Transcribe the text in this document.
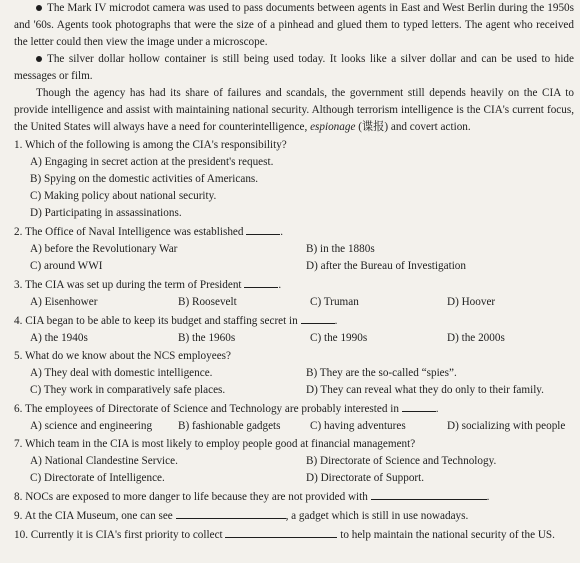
The Mark IV microdot camera was used to pass documents between agents in East and West Berlin during the 1950s and '60s. Agents took photographs that were the size of a pinhead and glued them to typed letters. The agent who received the letter could then view the image under a microscope.

The silver dollar hollow container is still being used today. It looks like a silver dollar and can be used to hide messages or film.

Though the agency has had its share of failures and scandals, the government still depends heavily on the CIA to provide intelligence and assist with maintaining national security. Although terrorism intelligence is the CIA's current focus, the United States will always have a need for counterintelligence, espionage (谍报) and covert action.

1. Which of the following is among the CIA's responsibility?

A) Engaging in secret action at the president's request.
B) Spying on the domestic activities of Americans.
C) Making policy about national security.
D) Participating in assassinations.

2. The Office of Naval Intelligence was established	.

A) before the Revolutionary War	B) in the 1880s
C) around WWI	D) after the Bureau of Investigation

3. The CIA was set up during the term of President	.

A) Eisenhower	B) Roosevelt	C) Truman	D) Hoover

4. CIA began to be able to keep its budget and staffing secret in	.

A) the 1940s	B) the 1960s	C) the 1990s	D) the 2000s

5. What do we know about the NCS employees?

A) They deal with domestic intelligence.	B) They are the so-called “spies”.
C) They work in comparatively safe places.	D) They can reveal what they do only to their family.

6. The employees of Directorate of Science and Technology are probably interested in	.

A) science and engineering	B) fashionable gadgets	C) having adventures	D) socializing with people

7. Which team in the CIA is most likely to employ people good at financial management?

A) National Clandestine Service.	B) Directorate of Science and Technology.
C) Directorate of Intelligence.	D) Directorate of Support.

8. NOCs are exposed to more danger to life because they are not provided with	.

9. At the CIA Museum, one can see	, a gadget which is still in use nowadays.

10. Currently it is CIA's first priority to collect	to help maintain the national security of the US.
